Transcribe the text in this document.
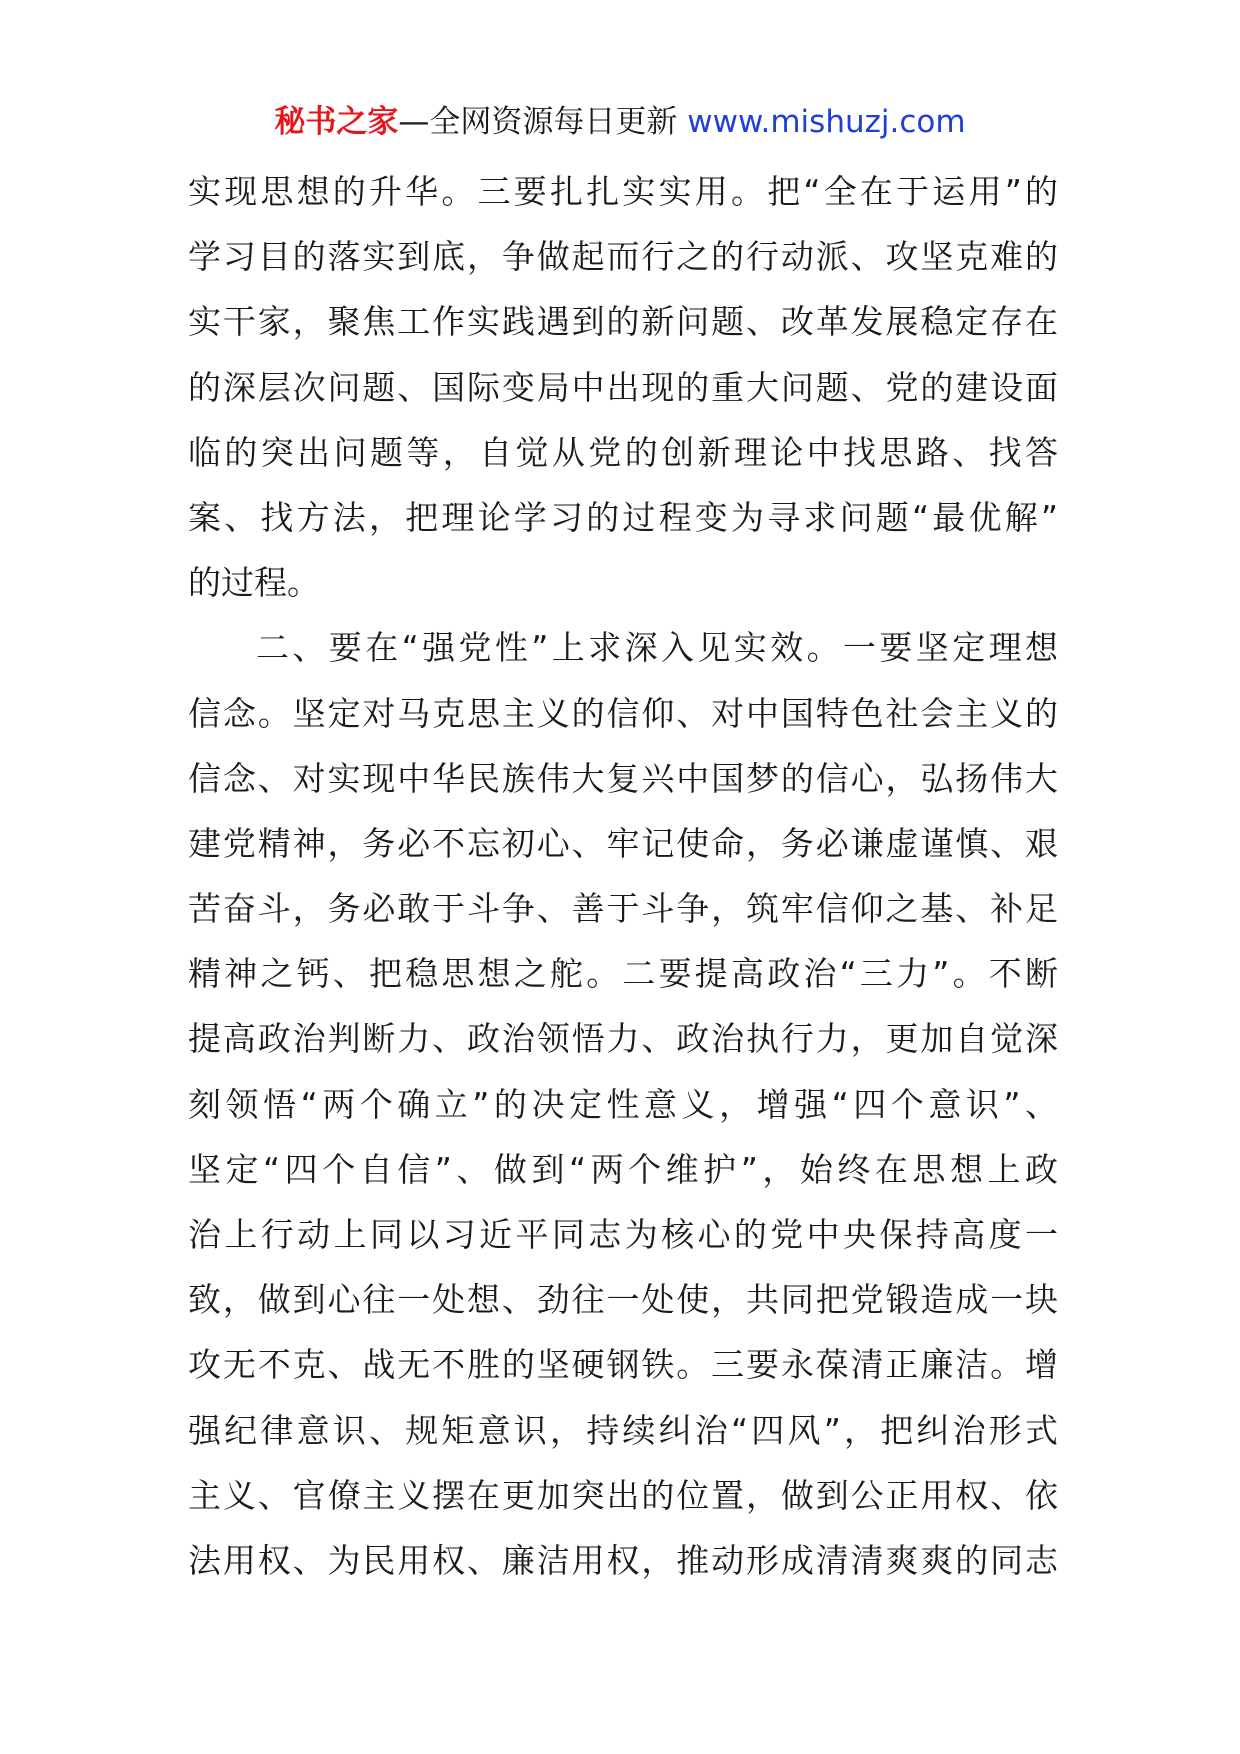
秘书之家—全网资源每日更新 www.mishuzj.com
实现思想的升华。三要扎扎实实用。把“全在于运用”的
学习目的落实到底，争做起而行之的行动派、攻坚克难的
实干家，聚焦工作实践遇到的新问题、改革发展稳定存在
的深层次问题、国际变局中出现的重大问题、党的建设面
临的突出问题等，自觉从党的创新理论中找思路、找答
案、找方法，把理论学习的过程变为寻求问题“最优解”
的过程。
二、要在“强党性”上求深入见实效。一要坚定理想
信念。坚定对马克思主义的信仰、对中国特色社会主义的
信念、对实现中华民族伟大复兴中国梦的信心，弘扬伟大
建党精神，务必不忘初心、牢记使命，务必谦虚谨慎、艰
苦奋斗，务必敢于斗争、善于斗争，筑牢信仰之基、补足
精神之钙、把稳思想之舵。二要提高政治“三力”。不断
提高政治判断力、政治领悟力、政治执行力，更加自觉深
刻领悟“两个确立”的决定性意义，增强“四个意识”、
坚定“四个自信”、做到“两个维护”，始终在思想上政
治上行动上同以习近平同志为核心的党中央保持高度一
致，做到心往一处想、劲往一处使，共同把党锻造成一块
攻无不克、战无不胜的坚硬钢铁。三要永葆清正廉洁。增
强纪律意识、规矩意识，持续纠治“四风”，把纠治形式
主义、官僚主义摆在更加突出的位置，做到公正用权、依
法用权、为民用权、廉洁用权，推动形成清清爽爽的同志
